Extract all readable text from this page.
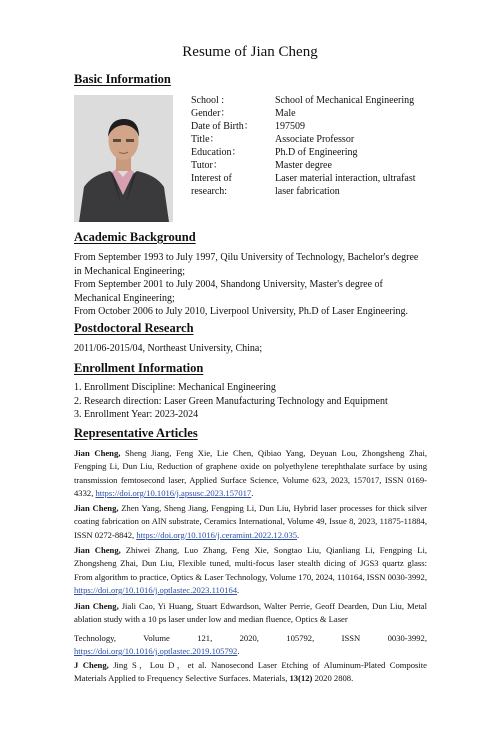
Resume of Jian Cheng
Basic Information
School :	School of Mechanical Engineering
Gender：	Male
Date of Birth：	197509
Title：	Associate Professor
Education：	Ph.D of Engineering
Tutor：	Master degree
Interest of	Laser material interaction, ultrafast
research:	laser fabrication
Academic Background
From September 1993 to July 1997, Qilu University of Technology, Bachelor's degree
in Mechanical Engineering;
From September 2001 to July 2004, Shandong University, Master's degree of
Mechanical Engineering;
From October 2006 to July 2010, Liverpool University, Ph.D of Laser Engineering.
Postdoctoral Research
2011/06-2015/04, Northeast University, China;
Enrollment Information
1. Enrollment Discipline: Mechanical Engineering
2. Research direction: Laser Green Manufacturing Technology and Equipment
3. Enrollment Year: 2023-2024
Representative Articles
Jian Cheng, Sheng Jiang, Feng Xie, Lie Chen, Qibiao Yang, Deyuan Lou, Zhongsheng Zhai, Fengping Li, Dun Liu, Reduction of graphene oxide on polyethylene terephthalate surface by using transmission femtosecond laser, Applied Surface Science, Volume 623, 2023, 157017, ISSN 0169-4332, https://doi.org/10.1016/j.apsusc.2023.157017.
Jian Cheng, Zhen Yang, Sheng Jiang, Fengping Li, Dun Liu, Hybrid laser processes for thick silver coating fabrication on AlN substrate, Ceramics International, Volume 49, Issue 8, 2023, 11875-11884, ISSN 0272-8842, https://doi.org/10.1016/j.ceramint.2022.12.035.
Jian Cheng, Zhiwei Zhang, Luo Zhang, Feng Xie, Songtao Liu, Qianliang Li, Fengping Li, Zhongsheng Zhai, Dun Liu, Flexible tuned, multi-focus laser stealth dicing of JGS3 quartz glass: From algorithm to practice, Optics & Laser Technology, Volume 170, 2024, 110164, ISSN 0030-3992, https://doi.org/10.1016/j.optlastec.2023.110164.
Jian Cheng, Jiali Cao, Yi Huang, Stuart Edwardson, Walter Perrie, Geoff Dearden, Dun Liu, Metal ablation study with a 10 ps laser under low and median fluence, Optics & Laser
Technology, Volume 121, 2020, 105792, ISSN 0030-3992,
https://doi.org/10.1016/j.optlastec.2019.105792.
J Cheng, Jing S，Lou D，et al. Nanosecond Laser Etching of Aluminum-Plated Composite Materials Applied to Frequency Selective Surfaces. Materials, 13(12) 2020 2808.
